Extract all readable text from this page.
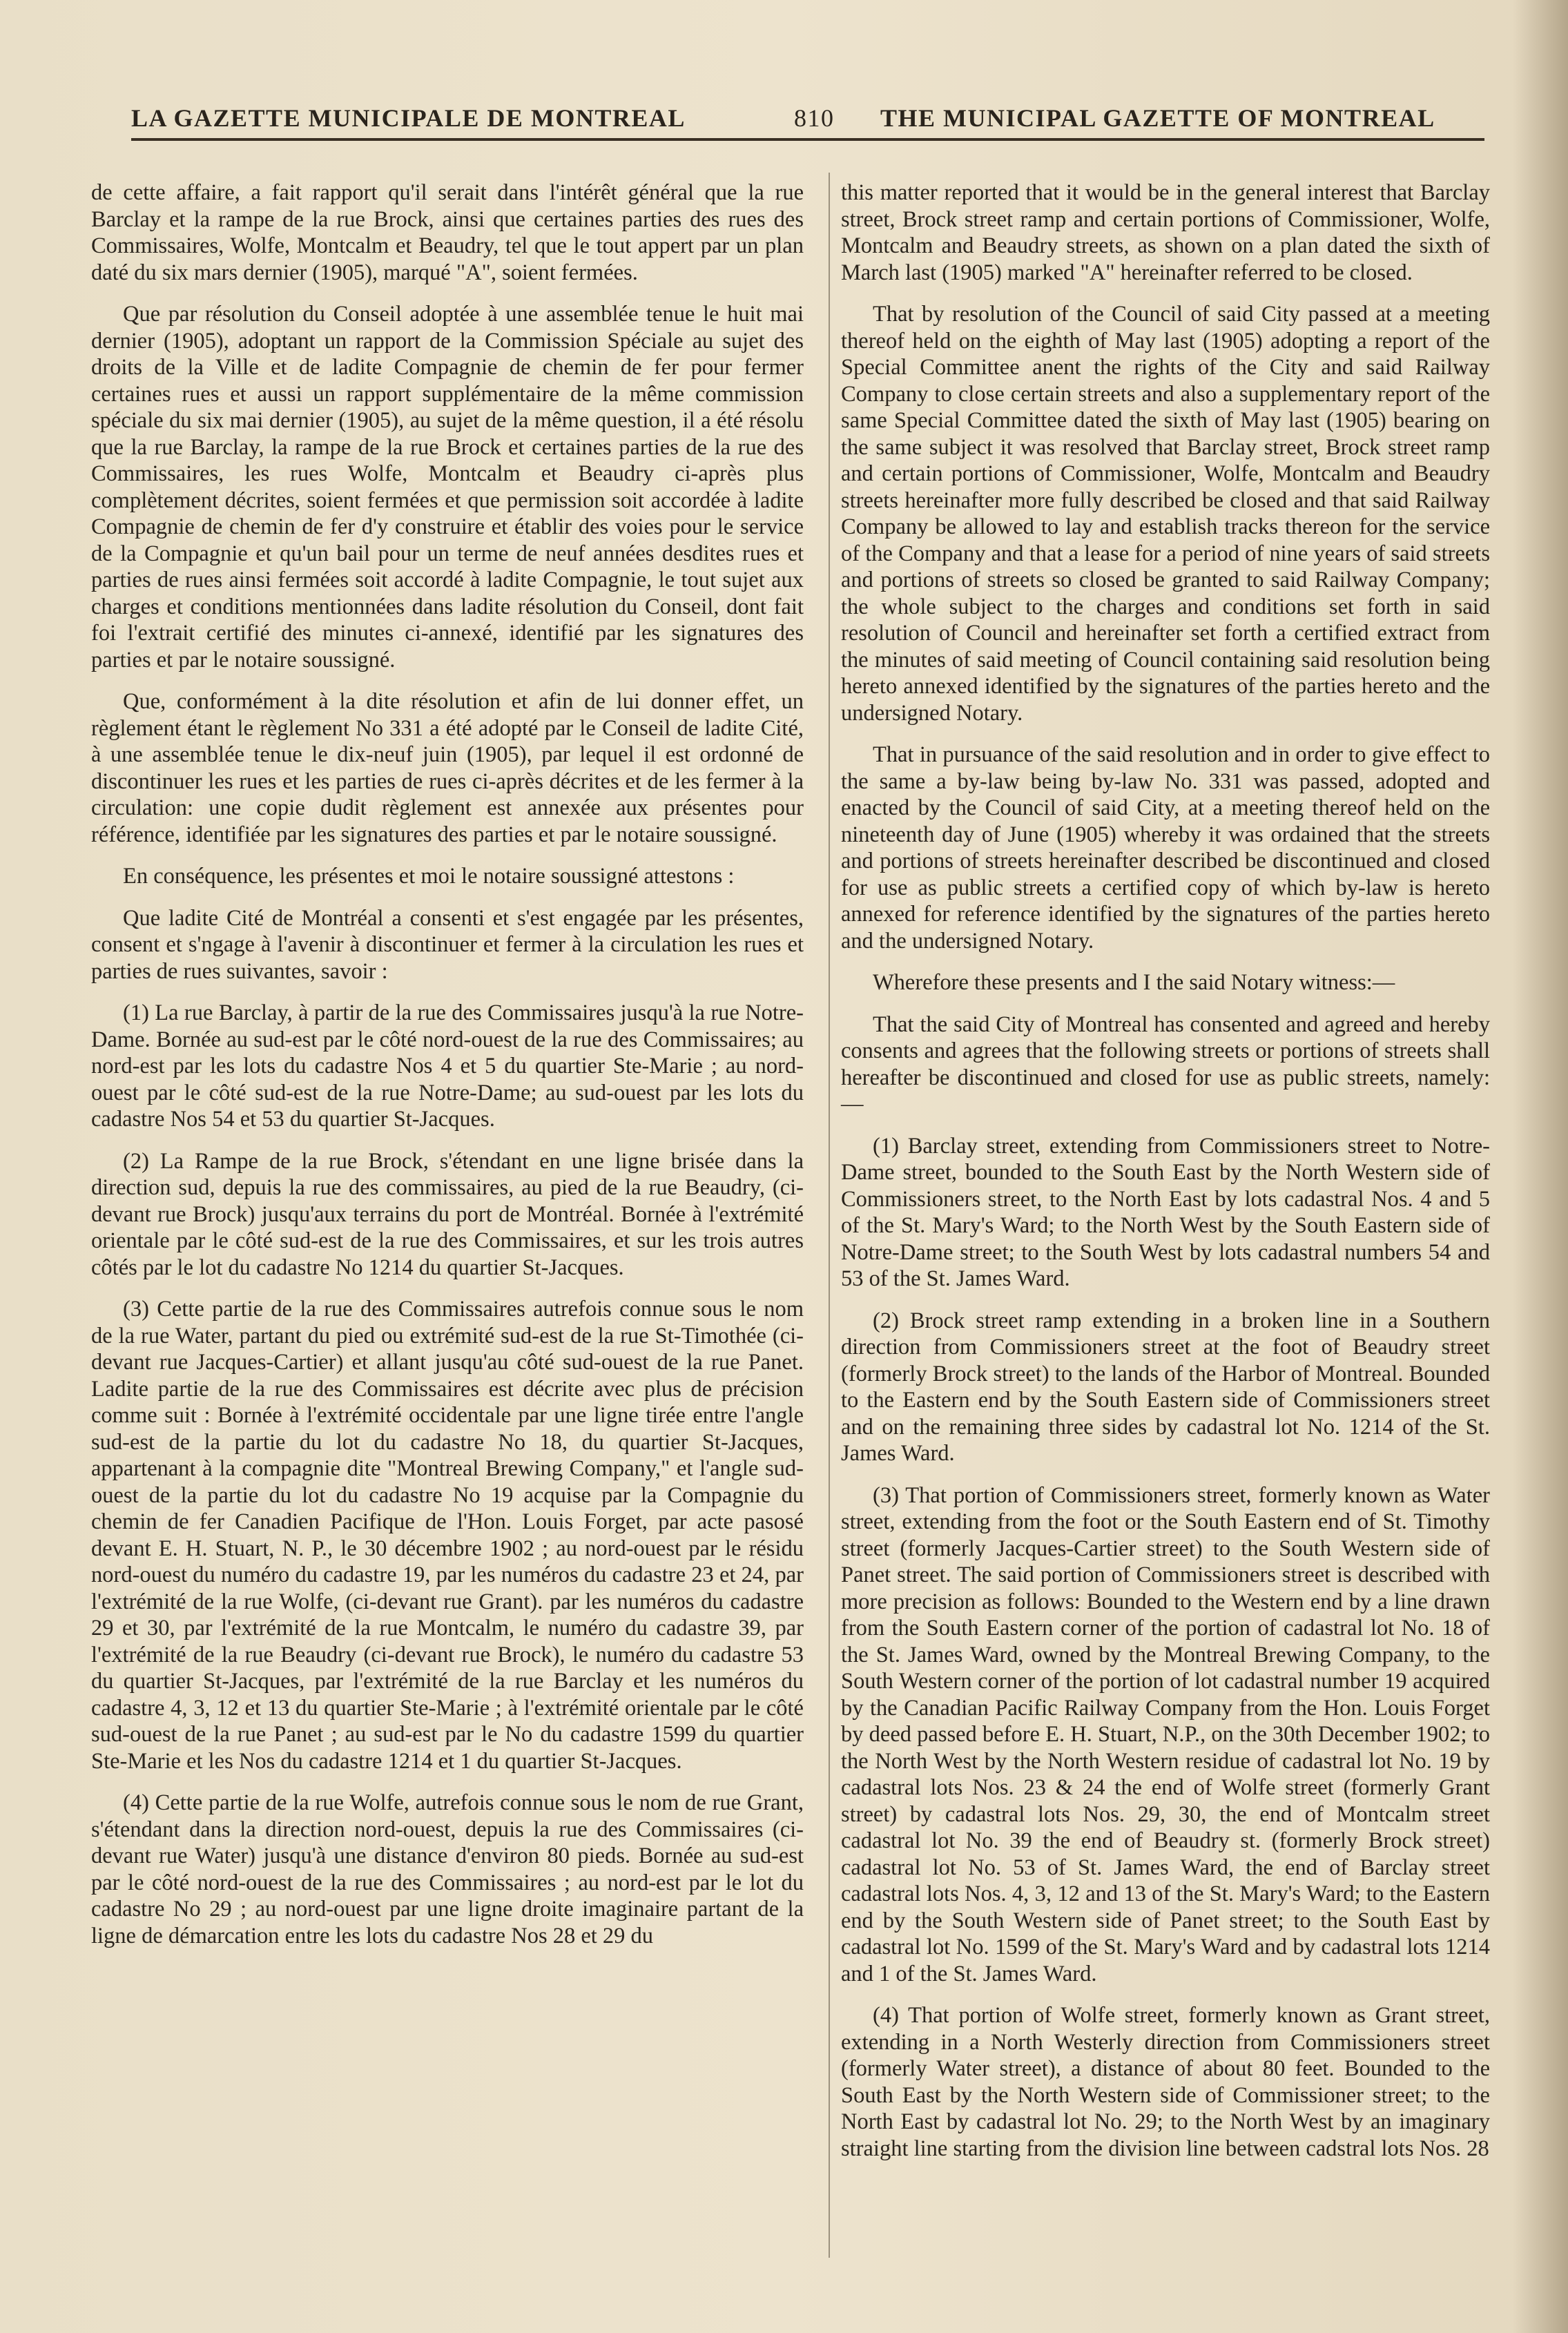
LA GAZETTE MUNICIPALE DE MONTREAL	810 THE MUNICIPAL GAZETTE OF MONTREAL

de cette affaire, a fait rapport qu'il serait dans l'intérêt général que la rue Barclay et la rampe de la rue Brock, ainsi que certaines parties des rues des Commissaires, Wolfe, Montcalm et Beaudry, tel que le tout appert par un plan daté du six mars dernier (1905), marqué "A", soient fermées.

Que par résolution du Conseil adoptée à une assemblée tenue le huit mai dernier (1905), adoptant un rapport de la Commission Spéciale au sujet des droits de la Ville et de ladite Compagnie de chemin de fer pour fermer certaines rues et aussi un rapport supplémentaire de la même commission spéciale du six mai dernier (1905), au sujet de la même question, il a été résolu que la rue Barclay, la rampe de la rue Brock et certaines parties de la rue des Commissaires, les rues Wolfe, Montcalm et Beaudry ci-après plus complètement décrites, soient fermées et que permission soit accordée à ladite Compagnie de chemin de fer d'y construire et établir des voies pour le service de la Compagnie et qu'un bail pour un terme de neuf années desdites rues et parties de rues ainsi fermées soit accordé à ladite Compagnie, le tout sujet aux charges et conditions mentionnées dans ladite résolution du Conseil, dont fait foi l'extrait certifié des minutes ci-annexé, identifié par les signatures des parties et par le notaire soussigné.

Que, conformément à la dite résolution et afin de lui donner effet, un règlement étant le règlement No 331 a été adopté par le Conseil de ladite Cité, à une assemblée tenue le dix-neuf juin (1905), par lequel il est ordonné de discontinuer les rues et les parties de rues ci-après décrites et de les fermer à la circulation: une copie dudit règlement est annexée aux présentes pour référence, identifiée par les signatures des parties et par le notaire soussigné.

En conséquence, les présentes et moi le notaire soussigné attestons :

Que ladite Cité de Montréal a consenti et s'est engagée par les présentes, consent et s'ngage à l'avenir à discontinuer et fermer à la circulation les rues et parties de rues suivantes, savoir :

(1) La rue Barclay, à partir de la rue des Commissaires jusqu'à la rue Notre-Dame. Bornée au sud-est par le côté nord-ouest de la rue des Commissaires; au nord-est par les lots du cadastre Nos 4 et 5 du quartier Ste-Marie ; au nord-ouest par le côté sud-est de la rue Notre-Dame; au sud-ouest par les lots du cadastre Nos 54 et 53 du quartier St-Jacques.

(2) La Rampe de la rue Brock, s'étendant en une ligne brisée dans la direction sud, depuis la rue des commissaires, au pied de la rue Beaudry, (ci-devant rue Brock) jusqu'aux terrains du port de Montréal. Bornée à l'extrémité orientale par le côté sud-est de la rue des Commissaires, et sur les trois autres côtés par le lot du cadastre No 1214 du quartier St-Jacques.

(3) Cette partie de la rue des Commissaires autrefois connue sous le nom de la rue Water, partant du pied ou extrémité sud-est de la rue St-Timothée (ci-devant rue Jacques-Cartier) et allant jusqu'au côté sud-ouest de la rue Panet. Ladite partie de la rue des Commissaires est décrite avec plus de précision comme suit : Bornée à l'extrémité occidentale par une ligne tirée entre l'angle sud-est de la partie du lot du cadastre No 18, du quartier St-Jacques, appartenant à la compagnie dite "Montreal Brewing Company," et l'angle sud-ouest de la partie du lot du cadastre No 19 acquise par la Compagnie du chemin de fer Canadien Pacifique de l'Hon. Louis Forget, par acte pasosé devant E. H. Stuart, N. P., le 30 décembre 1902 ; au nord-ouest par le résidu nord-ouest du numéro du cadastre 19, par les numéros du cadastre 23 et 24, par l'extrémité de la rue Wolfe, (ci-devant rue Grant). par les numéros du cadastre 29 et 30, par l'extrémité de la rue Montcalm, le numéro du cadastre 39, par l'extrémité de la rue Beaudry (ci-devant rue Brock), le numéro du cadastre 53 du quartier St-Jacques, par l'extrémité de la rue Barclay et les numéros du cadastre 4, 3, 12 et 13 du quartier Ste-Marie ; à l'extrémité orientale par le côté sud-ouest de la rue Panet ; au sud-est par le No du cadastre 1599 du quartier Ste-Marie et les Nos du cadastre 1214 et 1 du quartier St-Jacques.

(4) Cette partie de la rue Wolfe, autrefois connue sous le nom de rue Grant, s'étendant dans la direction nord-ouest, depuis la rue des Commissaires (ci-devant rue Water) jusqu'à une distance d'environ 80 pieds. Bornée au sud-est par le côté nord-ouest de la rue des Commissaires ; au nord-est par le lot du cadastre No 29 ; au nord-ouest par une ligne droite imaginaire partant de la ligne de démarcation entre les lots du cadastre Nos 28 et 29 du

this matter reported that it would be in the general interest that Barclay street, Brock street ramp and certain portions of Commissioner, Wolfe, Montcalm and Beaudry streets, as shown on a plan dated the sixth of March last (1905) marked "A" hereinafter referred to be closed.

That by resolution of the Council of said City passed at a meeting thereof held on the eighth of May last (1905) adopting a report of the Special Committee anent the rights of the City and said Railway Company to close certain streets and also a supplementary report of the same Special Committee dated the sixth of May last (1905) bearing on the same subject it was resolved that Barclay street, Brock street ramp and certain portions of Commissioner, Wolfe, Montcalm and Beaudry streets hereinafter more fully described be closed and that said Railway Company be allowed to lay and establish tracks thereon for the service of the Company and that a lease for a period of nine years of said streets and portions of streets so closed be granted to said Railway Company; the whole subject to the charges and conditions set forth in said resolution of Council and hereinafter set forth a certified extract from the minutes of said meeting of Council containing said resolution being hereto annexed identified by the signatures of the parties hereto and the undersigned Notary.

That in pursuance of the said resolution and in order to give effect to the same a by-law being by-law No. 331 was passed, adopted and enacted by the Council of said City, at a meeting thereof held on the nineteenth day of June (1905) whereby it was ordained that the streets and portions of streets hereinafter described be discontinued and closed for use as public streets a certified copy of which by-law is hereto annexed for reference identified by the signatures of the parties hereto and the undersigned Notary.

Wherefore these presents and I the said Notary witness:—

That the said City of Montreal has consented and agreed and hereby consents and agrees that the following streets or portions of streets shall hereafter be discontinued and closed for use as public streets, namely:—

(1) Barclay street, extending from Commissioners street to Notre-Dame street, bounded to the South East by the North Western side of Commissioners street, to the North East by lots cadastral Nos. 4 and 5 of the St. Mary's Ward; to the North West by the South Eastern side of Notre-Dame street; to the South West by lots cadastral numbers 54 and 53 of the St. James Ward.

(2) Brock street ramp extending in a broken line in a Southern direction from Commissioners street at the foot of Beaudry street (formerly Brock street) to the lands of the Harbor of Montreal. Bounded to the Eastern end by the South Eastern side of Commissioners street and on the remaining three sides by cadastral lot No. 1214 of the St. James Ward.

(3) That portion of Commissioners street, formerly known as Water street, extending from the foot or the South Eastern end of St. Timothy street (formerly Jacques-Cartier street) to the South Western side of Panet street. The said portion of Commissioners street is described with more precision as follows: Bounded to the Western end by a line drawn from the South Eastern corner of the portion of cadastral lot No. 18 of the St. James Ward, owned by the Montreal Brewing Company, to the South Western corner of the portion of lot cadastral number 19 acquired by the Canadian Pacific Railway Company from the Hon. Louis Forget by deed passed before E. H. Stuart, N.P., on the 30th December 1902; to the North West by the North Western residue of cadastral lot No. 19 by cadastral lots Nos. 23 & 24 the end of Wolfe street (formerly Grant street) by cadastral lots Nos. 29, 30, the end of Montcalm street cadastral lot No. 39 the end of Beaudry st. (formerly Brock street) cadastral lot No. 53 of St. James Ward, the end of Barclay street cadastral lots Nos. 4, 3, 12 and 13 of the St. Mary's Ward; to the Eastern end by the South Western side of Panet street; to the South East by cadastral lot No. 1599 of the St. Mary's Ward and by cadastral lots 1214 and 1 of the St. James Ward.

(4) That portion of Wolfe street, formerly known as Grant street, extending in a North Westerly direction from Commissioners street (formerly Water street), a distance of about 80 feet. Bounded to the South East by the North Western side of Commissioner street; to the North East by cadastral lot No. 29; to the North West by an imaginary straight line starting from the division line between cadstral lots Nos. 28
